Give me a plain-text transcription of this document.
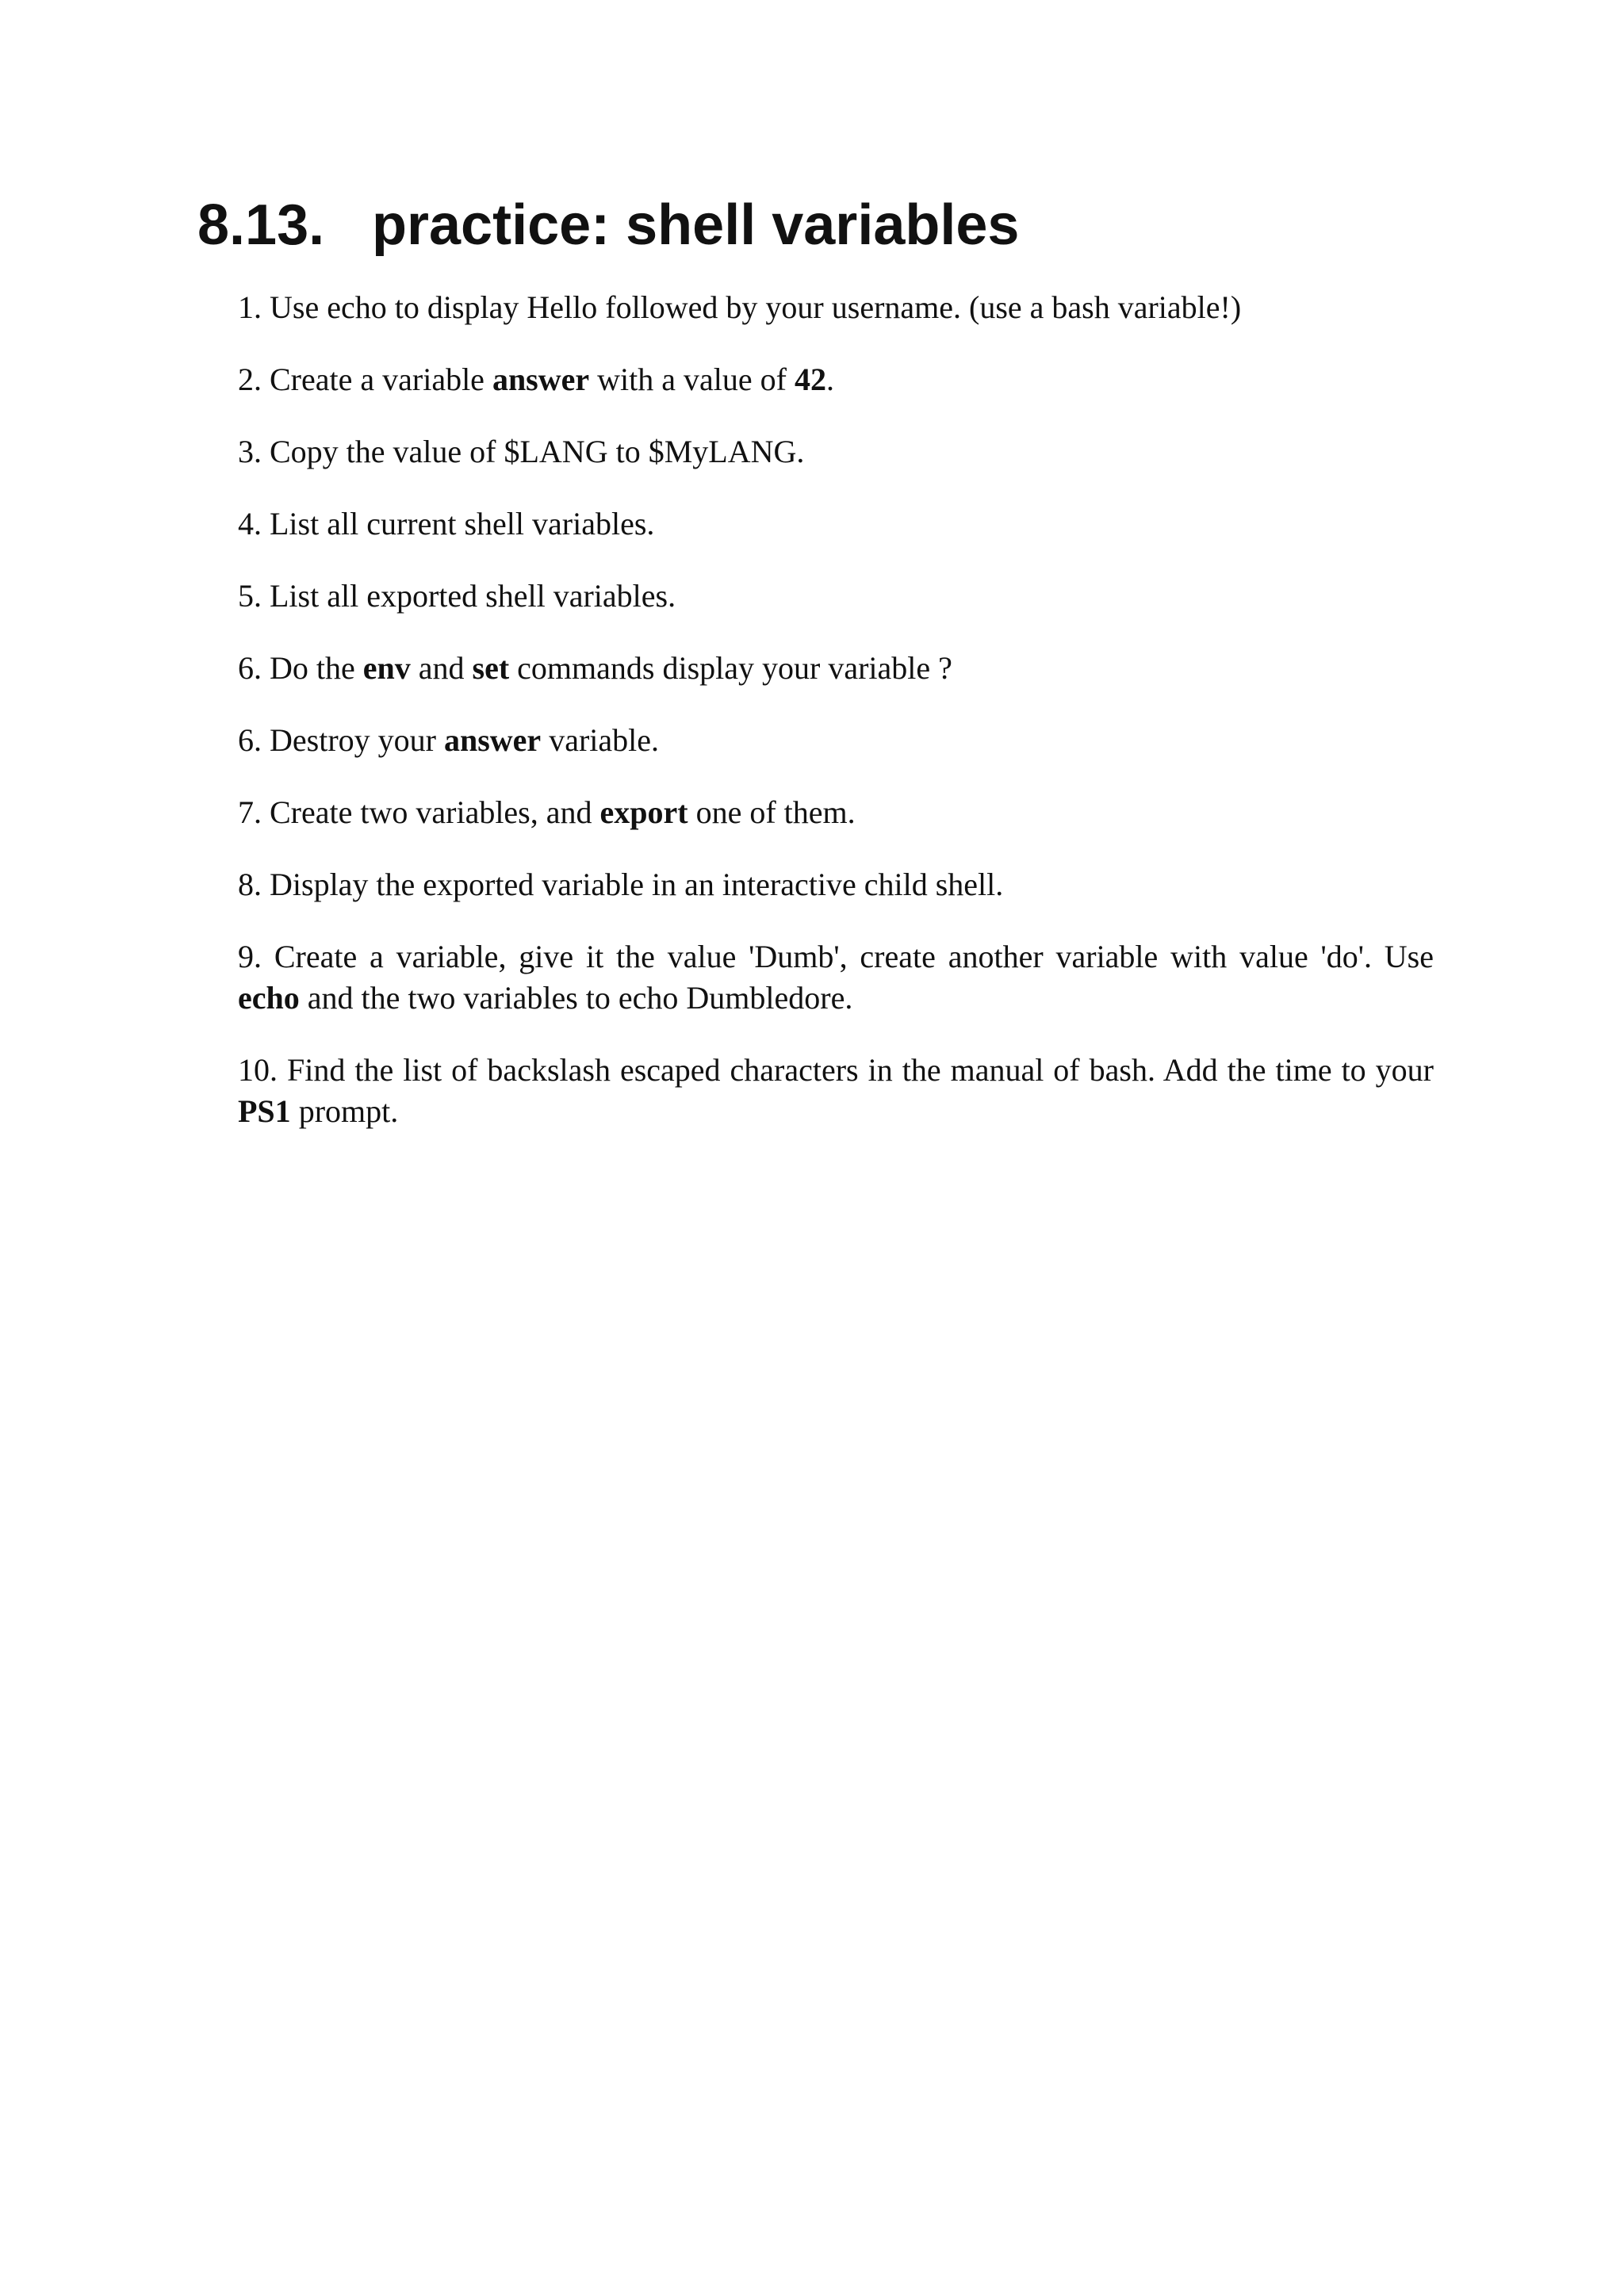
8.13. practice: shell variables
1. Use echo to display Hello followed by your username. (use a bash variable!)
2. Create a variable answer with a value of 42.
3. Copy the value of $LANG to $MyLANG.
4. List all current shell variables.
5. List all exported shell variables.
6. Do the env and set commands display your variable ?
6. Destroy your answer variable.
7. Create two variables, and export one of them.
8. Display the exported variable in an interactive child shell.
9. Create a variable, give it the value 'Dumb', create another variable with value 'do'. Use echo and the two variables to echo Dumbledore.
10. Find the list of backslash escaped characters in the manual of bash. Add the time to your PS1 prompt.
